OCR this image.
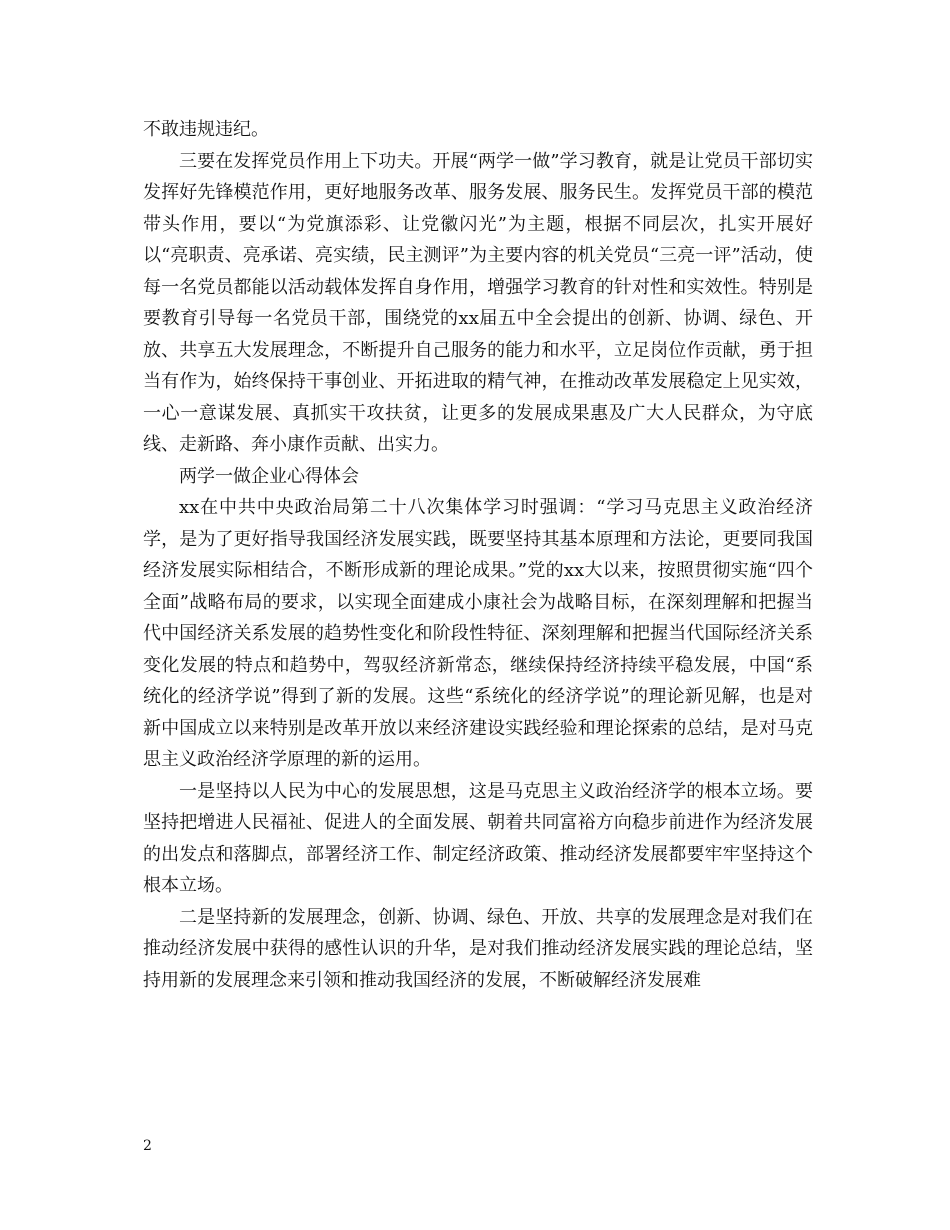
不敢违规违纪。

三要在发挥党员作用上下功夫。开展“两学一做”学习教育，就是让党员干部切实发挥好先锋模范作用，更好地服务改革、服务发展、服务民生。发挥党员干部的模范带头作用，要以“为党旗添彩、让党徽闪光”为主题，根据不同层次，扎实开展好以“亮职责、亮承诺、亮实绩，民主测评”为主要内容的机关党员“三亮一评”活动，使每一名党员都能以活动载体发挥自身作用，增强学习教育的针对性和实效性。特别是要教育引导每一名党员干部，围绕党的xx届五中全会提出的创新、协调、绿色、开放、共享五大发展理念，不断提升自己服务的能力和水平，立足岗位作贡献，勇于担当有作为，始终保持干事创业、开拓进取的精气神，在推动改革发展稳定上见实效，一心一意谋发展、真抓实干攻扶贫，让更多的发展成果惠及广大人民群众，为守底线、走新路、奔小康作贡献、出实力。

两学一做企业心得体会

xx在中共中央政治局第二十八次集体学习时强调：“学习马克思主义政治经济学，是为了更好指导我国经济发展实践，既要坚持其基本原理和方法论，更要同我国经济发展实际相结合，不断形成新的理论成果。”党的xx大以来，按照贯彻实施“四个全面”战略布局的要求，以实现全面建成小康社会为战略目标，在深刻理解和把握当代中国经济关系发展的趋势性变化和阶段性特征、深刻理解和把握当代国际经济关系变化发展的特点和趋势中，驾驭经济新常态，继续保持经济持续平稳发展，中国“系统化的经济学说”得到了新的发展。这些“系统化的经济学说”的理论新见解，也是对新中国成立以来特别是改革开放以来经济建设实践经验和理论探索的总结，是对马克思主义政治经济学原理的新的运用。

一是坚持以人民为中心的发展思想，这是马克思主义政治经济学的根本立场。要坚持把增进人民福祉、促进人的全面发展、朝着共同富裕方向稳步前进作为经济发展的出发点和落脚点，部署经济工作、制定经济政策、推动经济发展都要牢牢坚持这个根本立场。

二是坚持新的发展理念，创新、协调、绿色、开放、共享的发展理念是对我们在推动经济发展中获得的感性认识的升华，是对我们推动经济发展实践的理论总结，坚持用新的发展理念来引领和推动我国经济的发展，不断破解经济发展难

2
